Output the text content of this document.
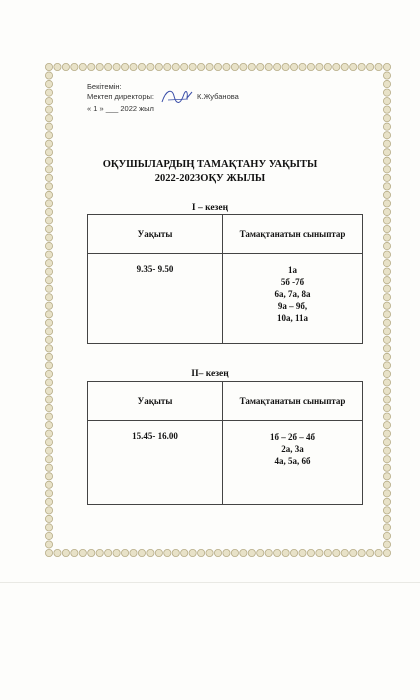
Бекітемін:
Мектеп директоры:	К.Жубанова
« 1 » ___ 2022 жыл
ОҚУШЫЛАРДЫҢ ТАМАҚТАНУ УАҚЫТЫ
2022-2023ОҚУ ЖЫЛЫ
I – кезең
Уақыты	Тамақтанатын сыныптар
9.35- 9.50	1а
5б -7б
6а, 7а, 8а
9а – 9б,
10а, 11а
II– кезең
Уақыты	Тамақтанатын сыныптар
15.45- 16.00	1б – 2б – 4б
2а, 3а
4а, 5а, 6б
